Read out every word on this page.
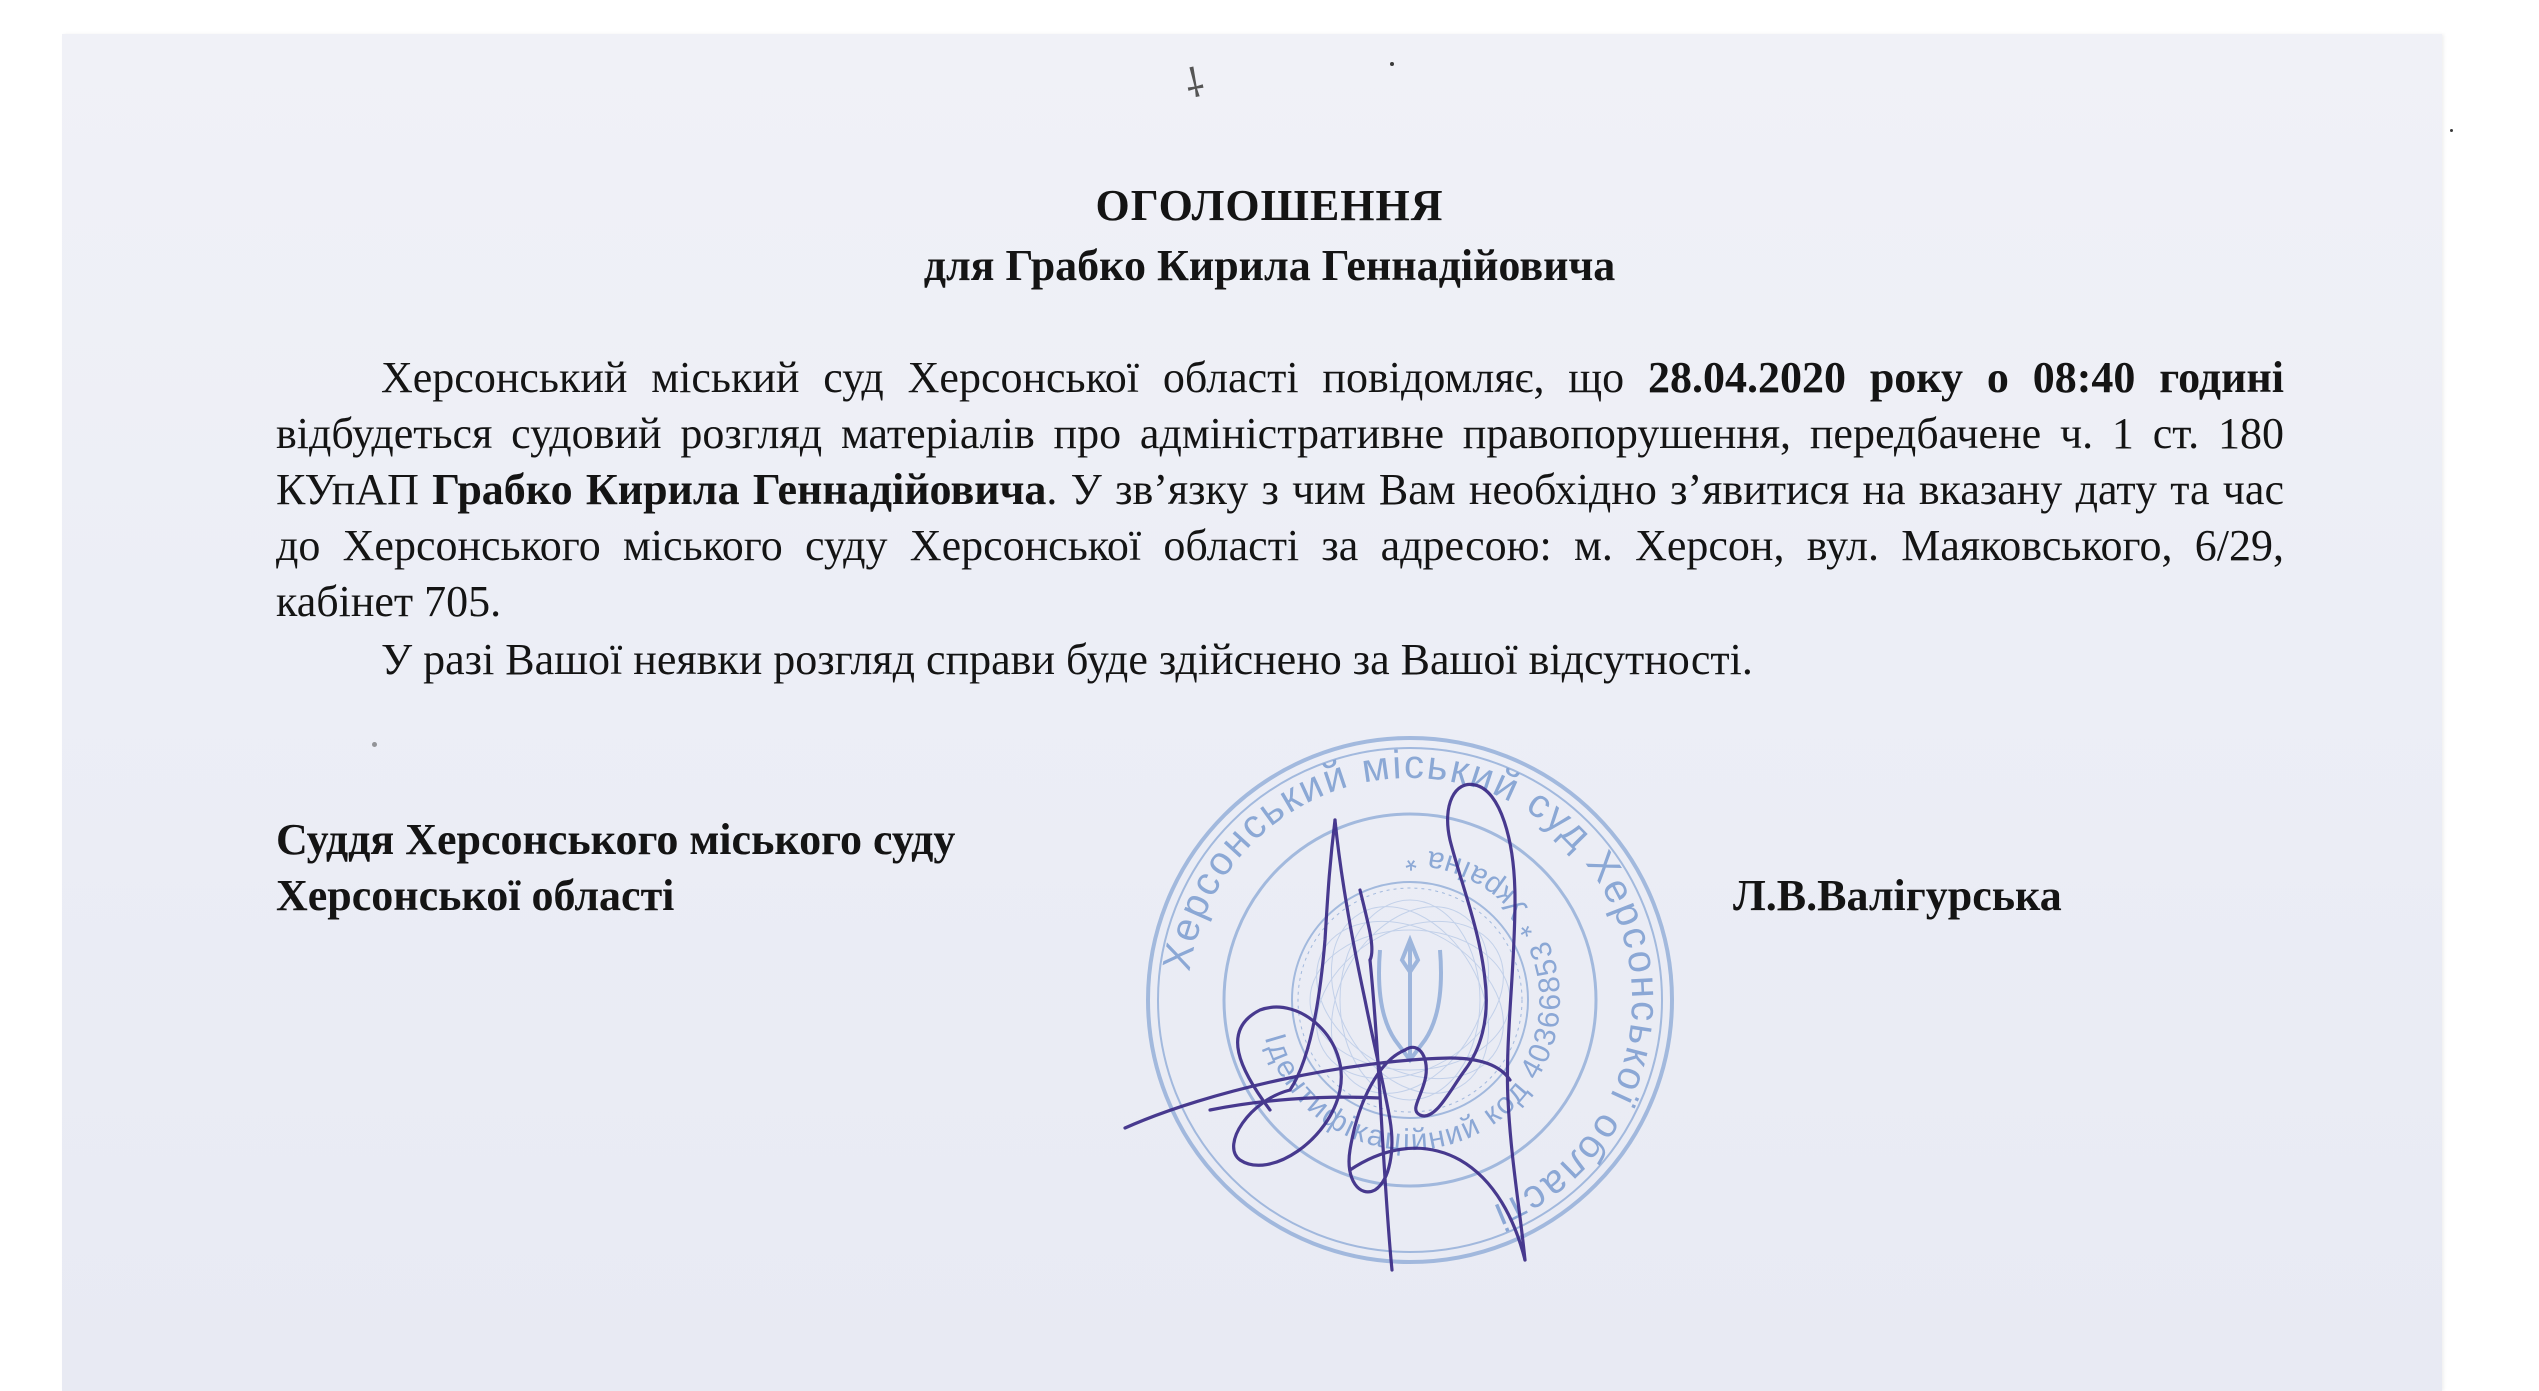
⸸
ОГОЛОШЕННЯ
для Грабко Кирила Геннадійовича
Херсонський міський суд Херсонської області повідомляє, що 28.04.2020 року о 08:40 годині відбудеться судовий розгляд матеріалів про адміністративне правопорушення, передбачене ч. 1 ст. 180 КУпАП Грабко Кирила Геннадійовича. У зв’язку з чим Вам необхідно з’явитися на вказану дату та час до Херсонського міського суду Херсонської області за адресою: м. Херсон, вул. Маяковського, 6/29, кабінет 705.
У разі Вашої неявки розгляд справи буде здійснено за Вашої відсутності.
Суддя Херсонського міського суду
Херсонської області	Л.В.Валігурська
Херсонський міський суд Херсонської області
Ідентифікаційний код 40366853 * Україна *
